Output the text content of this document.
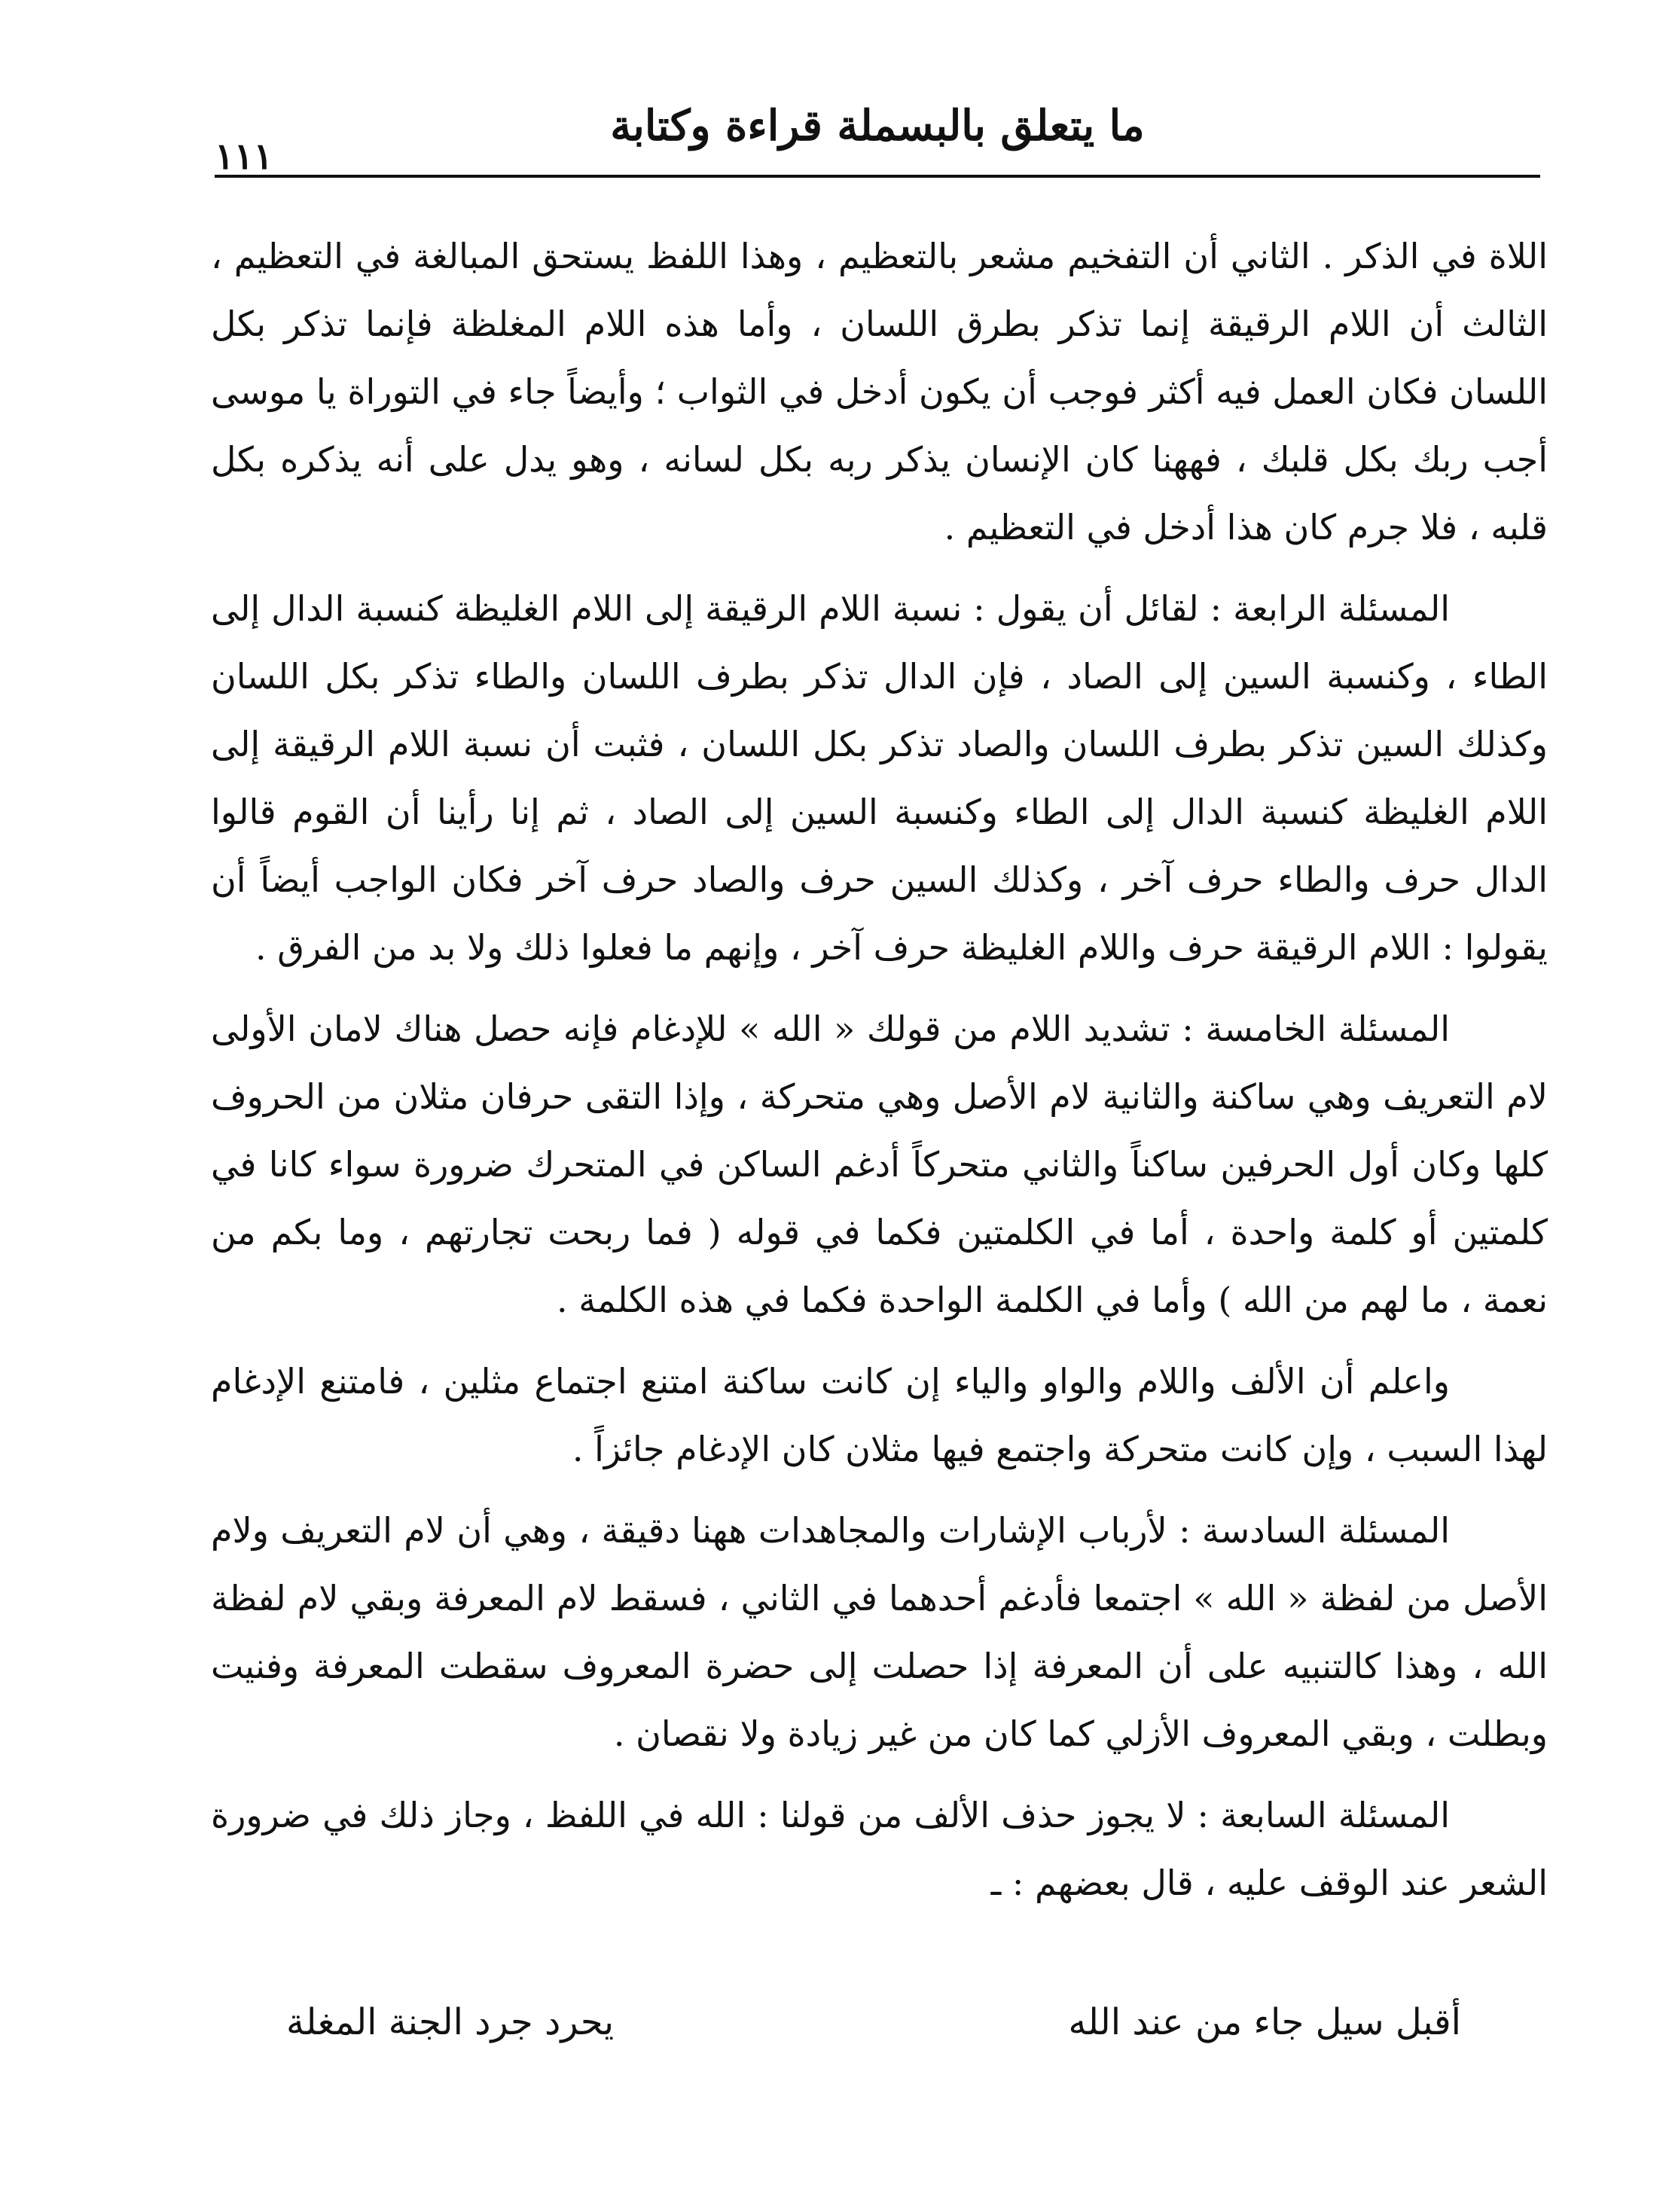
ما يتعلق بالبسملة قراءة وكتابة
١١١

اللاة في الذكر . الثاني أن التفخيم مشعر بالتعظيم ، وهذا اللفظ يستحق المبالغة في التعظيم ، الثالث أن اللام الرقيقة إنما تذكر بطرق اللسان ، وأما هذه اللام المغلظة فإنما تذكر بكل اللسان فكان العمل فيه أكثر فوجب أن يكون أدخل في الثواب ؛ وأيضاً جاء في التوراة يا موسى أجب ربك بكل قلبك ، فههنا كان الإنسان يذكر ربه بكل لسانه ، وهو يدل على أنه يذكره بكل قلبه ، فلا جرم كان هذا أدخل في التعظيم .

المسئلة الرابعة : لقائل أن يقول : نسبة اللام الرقيقة إلى اللام الغليظة كنسبة الدال إلى الطاء ، وكنسبة السين إلى الصاد ، فإن الدال تذكر بطرف اللسان والطاء تذكر بكل اللسان وكذلك السين تذكر بطرف اللسان والصاد تذكر بكل اللسان ، فثبت أن نسبة اللام الرقيقة إلى اللام الغليظة كنسبة الدال إلى الطاء وكنسبة السين إلى الصاد ، ثم إنا رأينا أن القوم قالوا الدال حرف والطاء حرف آخر ، وكذلك السين حرف والصاد حرف آخر فكان الواجب أيضاً أن يقولوا : اللام الرقيقة حرف واللام الغليظة حرف آخر ، وإنهم ما فعلوا ذلك ولا بد من الفرق .

المسئلة الخامسة : تشديد اللام من قولك « الله » للإدغام فإنه حصل هناك لامان الأولى لام التعريف وهي ساكنة والثانية لام الأصل وهي متحركة ، وإذا التقى حرفان مثلان من الحروف كلها وكان أول الحرفين ساكناً والثاني متحركاً أدغم الساكن في المتحرك ضرورة سواء كانا في كلمتين أو كلمة واحدة ، أما في الكلمتين فكما في قوله ( فما ربحت تجارتهم ، وما بكم من نعمة ، ما لهم من الله ) وأما في الكلمة الواحدة فكما في هذه الكلمة .

واعلم أن الألف واللام والواو والياء إن كانت ساكنة امتنع اجتماع مثلين ، فامتنع الإدغام لهذا السبب ، وإن كانت متحركة واجتمع فيها مثلان كان الإدغام جائزاً .

المسئلة السادسة : لأرباب الإشارات والمجاهدات ههنا دقيقة ، وهي أن لام التعريف ولام الأصل من لفظة « الله » اجتمعا فأدغم أحدهما في الثاني ، فسقط لام المعرفة وبقي لام لفظة الله ، وهذا كالتنبيه على أن المعرفة إذا حصلت إلى حضرة المعروف سقطت المعرفة وفنيت وبطلت ، وبقي المعروف الأزلي كما كان من غير زيادة ولا نقصان .

المسئلة السابعة : لا يجوز حذف الألف من قولنا : الله في اللفظ ، وجاز ذلك في ضرورة الشعر عند الوقف عليه ، قال بعضهم : ـ

أقبل سيل جاء من عند الله
يحرد جرد الجنة المغلة
